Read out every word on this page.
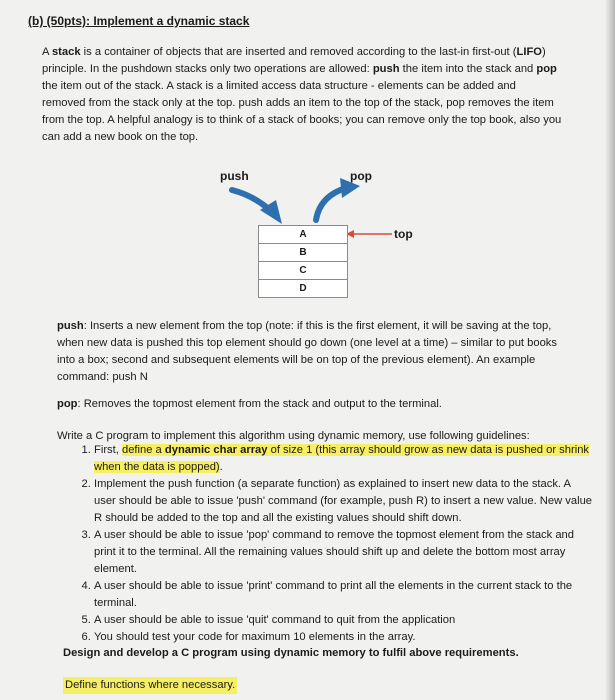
(b) (50pts): Implement a dynamic stack
A stack is a container of objects that are inserted and removed according to the last-in first-out (LIFO) principle. In the pushdown stacks only two operations are allowed: push the item into the stack and pop the item out of the stack. A stack is a limited access data structure - elements can be added and removed from the stack only at the top. push adds an item to the top of the stack, pop removes the item from the top. A helpful analogy is to think of a stack of books; you can remove only the top book, also you can add a new book on the top.
push	pop
top
A
B
C
D
push: Inserts a new element from the top (note: if this is the first element, it will be saving at the top, when new data is pushed this top element should go down (one level at a time) – similar to put books into a box; second and subsequent elements will be on top of the previous element). An example command: push N
pop: Removes the topmost element from the stack and output to the terminal.
Write a C program to implement this algorithm using dynamic memory, use following guidelines:
1. First, define a dynamic char array of size 1 (this array should grow as new data is pushed or shrink when the data is popped).
2. Implement the push function (a separate function) as explained to insert new data to the stack. A user should be able to issue 'push' command (for example, push R) to insert a new value. New value R should be added to the top and all the existing values should shift down.
3. A user should be able to issue 'pop' command to remove the topmost element from the stack and print it to the terminal. All the remaining values should shift up and delete the bottom most array element.
4. A user should be able to issue 'print' command to print all the elements in the current stack to the terminal.
5. A user should be able to issue 'quit' command to quit from the application
6. You should test your code for maximum 10 elements in the array.
Design and develop a C program using dynamic memory to fulfil above requirements.
Define functions where necessary.
